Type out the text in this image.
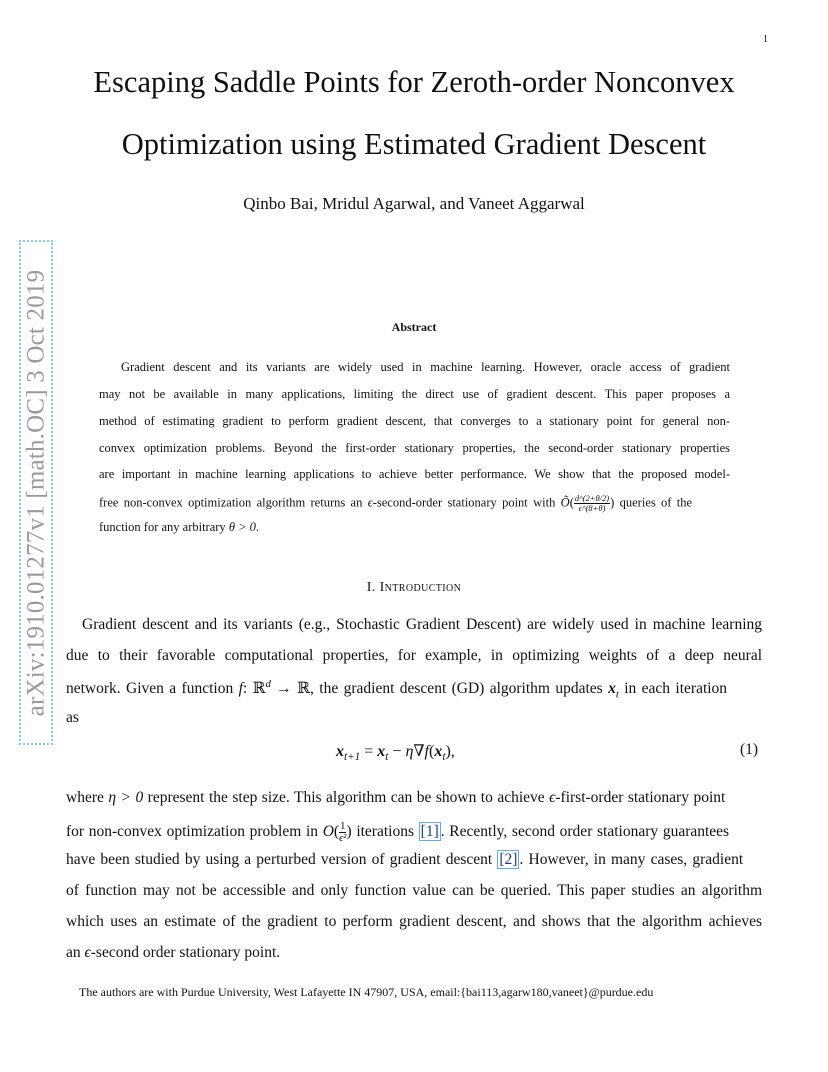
1
arXiv:1910.01277v1 [math.OC] 3 Oct 2019
Escaping Saddle Points for Zeroth-order Nonconvex
Optimization using Estimated Gradient Descent
Qinbo Bai, Mridul Agarwal, and Vaneet Aggarwal
Abstract
Gradient descent and its variants are widely used in machine learning. However, oracle access of gradient
may not be available in many applications, limiting the direct use of gradient descent. This paper proposes a
method of estimating gradient to perform gradient descent, that converges to a stationary point for general non-
convex optimization problems. Beyond the first-order stationary properties, the second-order stationary properties
are important in machine learning applications to achieve better performance. We show that the proposed model-
free non-convex optimization algorithm returns an ϵ-second-order stationary point with Õ( $\frac{d\^{}(2+\theta/2)}{\epsilon\^{}(8+\theta)}$ ) queries of the
function for any arbitrary θ > 0.
I. Introduction
Gradient descent and its variants (e.g., Stochastic Gradient Descent) are widely used in machine learning
due to their favorable computational properties, for example, in optimizing weights of a deep neural
network. Given a function f: ℝ$^d$ → ℝ, the gradient descent (GD) algorithm updates $x_t$ in each iteration
as
$x_{t+1} = x_t - \eta\nabla f(x_t)$,	(1)
where η > 0 represent the step size. This algorithm can be shown to achieve ϵ-first-order stationary point
for non-convex optimization problem in $O( \frac{1}{\text{ϵ²}}$ ) iterations [1] . Recently, second order stationary guarantees
have been studied by using a perturbed version of gradient descent [2] . However, in many cases, gradient
of function may not be accessible and only function value can be queried. This paper studies an algorithm
which uses an estimate of the gradient to perform gradient descent, and shows that the algorithm achieves
an ϵ-second order stationary point.
The authors are with Purdue University, West Lafayette IN 47907, USA, email:{bai113,agarw180,vaneet}@purdue.edu
